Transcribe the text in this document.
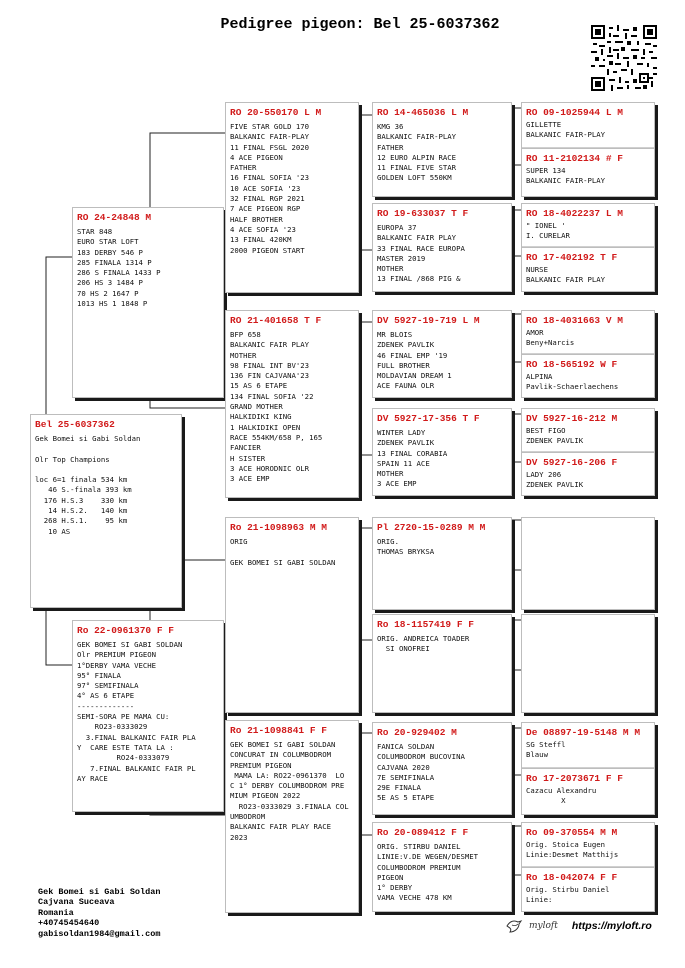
Pedigree pigeon: Bel 25-6037362
Bel 25-6037362
Gek Bomei si Gabi Soldan

Olr Top Champions

loc 6=1 finala 534 km
46 S.-finala 393 km
176 H.S.3    330 km
14 H.S.2.   140 km
268 H.S.1.    95 km
10 AS
RO 24-24848 M
STAR 848
EURO STAR LOFT
183 DERBY 546 P
285 FINALA 1314 P
286 S FINALA 1433 P
206 HS 3 1484 P
70 HS 2 1647 P
1013 HS 1 1848 P
Ro 22-0961370 F F
GEK BOMEI SI GABI SOLDAN
Olr PREMIUM PIGEON
1°DERBY VAMA VECHE
95° FINALA
97° SEMIFINALA
4° AS 6 ETAPE
-------------
SEMI-SORA PE MAMA CU:
RO23-0333029
3.FINAL BALKANIC FAIR PLA
Y  CARE ESTE TATA LA :
RO24-0333079
7.FINAL BALKANIC FAIR PL
AY RACE
RO 20-550170 L M
FIVE STAR GOLD 170
BALKANIC FAIR-PLAY
11 FINAL FSGL 2020
4 ACE PIGEON
FATHER
16 FINAL SOFIA '23
10 ACE SOFIA '23
32 FINAL RGP 2021
7 ACE PIGEON RGP
HALF BROTHER
4 ACE SOFIA '23
13 FINAL 420KM
2000 PIGEON START
RO 21-401658 T F
BFP 658
BALKANIC FAIR PLAY
MOTHER
98 FINAL INT BV'23
136 FIN CAJVANA'23
15 AS 6 ETAPE
134 FINAL SOFIA '22
GRAND MOTHER
HALKIDIKI KING
1 HALKIDIKI OPEN
RACE 554KM/658 P, 165
FANCIER
H SISTER
3 ACE HORODNIC OLR
3 ACE EMP
Ro 21-1098963 M M
ORIG

GEK BOMEI SI GABI SOLDAN
Ro 21-1098841 F F
GEK BOMEI SI GABI SOLDAN
CONCURAT IN COLUMBODROM
PREMIUM PIGEON
MAMA LA: RO22-0961370  LO
C 1° DERBY COLUMBODROM PRE
MIUM PIGEON 2022
RO23-0333029 3.FINALA COL
UMBODROM
BALKANIC FAIR PLAY RACE
2023
RO 14-465036 L M
KMG 36
BALKANIC FAIR-PLAY
FATHER
12 EURO ALPIN RACE
11 FINAL FIVE STAR
GOLDEN LOFT 550KM
RO 19-633037 T F
EUROPA 37
BALKANIC FAIR PLAY
33 FINAL RACE EUROPA
MASTER 2019
MOTHER
13 FINAL /868 PIG &
DV 5927-19-719 L M
MR BLOIS
ZDENEK PAVLIK
46 FINAL EMP '19
FULL BROTHER
MOLDAVIAN DREAM 1
ACE FAUNA OLR
DV 5927-17-356 T F
WINTER LADY
ZDENEK PAVLIK
13 FINAL CORABIA
SPAIN 11 ACE
MOTHER
3 ACE EMP
Pl 2720-15-0289 M M
ORIG.
THOMAS BRYKSA
Ro 18-1157419 F F
ORIG. ANDREICA TOADER
SI ONOFREI
Ro 20-929402 M
FANICA SOLDAN
COLUMBODROM BUCOVINA
CAJVANA 2020
7E SEMIFINALA
29E FINALA
5E AS 5 ETAPE
Ro 20-089412 F F
ORIG. STIRBU DANIEL
LINIE:V.DE WEGEN/DESMET
COLUMBODROM PREMIUM
PIGEON
1° DERBY
VAMA VECHE 478 KM
RO 09-1025944 L M
GILLETTE
BALKANIC FAIR-PLAY
RO 11-2102134 # F
SUPER 134
BALKANIC FAIR-PLAY
RO 18-4022237 L M
" IONEL '
I. CURELAR
RO 17-402192 T F
NURSE
BALKANIC FAIR PLAY
RO 18-4031663 V M
AMOR
Beny+Narcis
RO 18-565192 W F
ALPINA
Pavlik-Schaerlaechens
DV 5927-16-212 M
BEST FIGO
ZDENEK PAVLIK
DV 5927-16-206 F
LADY 206
ZDENEK PAVLIK
De 08897-19-5148 M M
SG Steffl
Blauw
Ro 17-2073671 F F
Cazacu Alexandru
X
Ro 09-370554 M M
Orig. Stoica Eugen
Linie:Desmet Matthijs
Ro 18-042074 F F
Orig. Stirbu Daniel
Linie:
Gek Bomei si Gabi Soldan
Cajvana Suceava
Romania
+40745454640
gabisoldan1984@gmail.com
myloft https://myloft.ro
